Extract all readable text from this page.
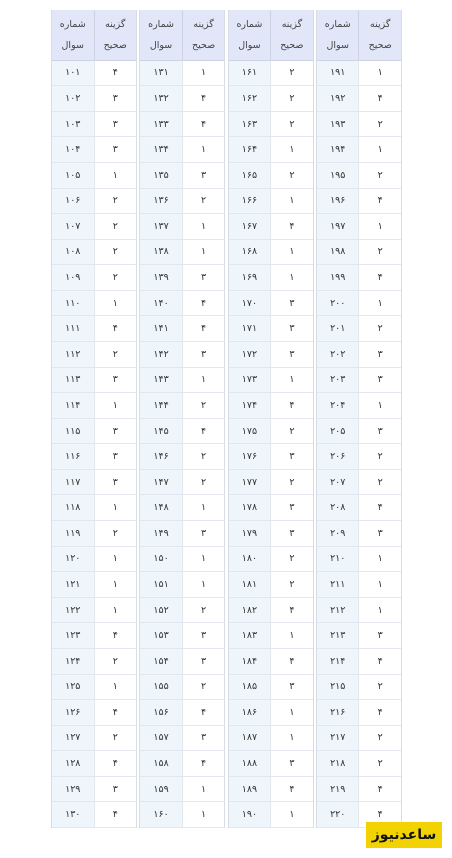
گزینه
صحیح
شماره
سوال
۱
۱۹۱
۴
۱۹۲
۲
۱۹۳
۱
۱۹۴
۲
۱۹۵
۴
۱۹۶
۱
۱۹۷
۲
۱۹۸
۴
۱۹۹
۱
۲۰۰
۲
۲۰۱
۳
۲۰۲
۳
۲۰۳
۱
۲۰۴
۳
۲۰۵
۲
۲۰۶
۲
۲۰۷
۴
۲۰۸
۳
۲۰۹
۱
۲۱۰
۱
۲۱۱
۱
۲۱۲
۳
۲۱۳
۴
۲۱۴
۲
۲۱۵
۴
۲۱۶
۲
۲۱۷
۲
۲۱۸
۴
۲۱۹
۴
۲۲۰
گزینه
صحیح
شماره
سوال
۲
۱۶۱
۲
۱۶۲
۲
۱۶۳
۱
۱۶۴
۲
۱۶۵
۱
۱۶۶
۴
۱۶۷
۱
۱۶۸
۱
۱۶۹
۳
۱۷۰
۳
۱۷۱
۳
۱۷۲
۱
۱۷۳
۴
۱۷۴
۲
۱۷۵
۳
۱۷۶
۲
۱۷۷
۳
۱۷۸
۳
۱۷۹
۲
۱۸۰
۲
۱۸۱
۴
۱۸۲
۱
۱۸۳
۴
۱۸۴
۳
۱۸۵
۱
۱۸۶
۱
۱۸۷
۳
۱۸۸
۴
۱۸۹
۱
۱۹۰
گزینه
صحیح
شماره
سوال
۱
۱۳۱
۴
۱۳۲
۴
۱۳۳
۱
۱۳۴
۳
۱۳۵
۲
۱۳۶
۱
۱۳۷
۱
۱۳۸
۳
۱۳۹
۴
۱۴۰
۴
۱۴۱
۳
۱۴۲
۱
۱۴۳
۲
۱۴۴
۴
۱۴۵
۲
۱۴۶
۲
۱۴۷
۱
۱۴۸
۳
۱۴۹
۱
۱۵۰
۱
۱۵۱
۲
۱۵۲
۳
۱۵۳
۳
۱۵۴
۲
۱۵۵
۴
۱۵۶
۳
۱۵۷
۴
۱۵۸
۱
۱۵۹
۱
۱۶۰
گزینه
صحیح
شماره
سوال
۴
۱۰۱
۳
۱۰۲
۳
۱۰۳
۳
۱۰۴
۱
۱۰۵
۲
۱۰۶
۲
۱۰۷
۲
۱۰۸
۲
۱۰۹
۱
۱۱۰
۴
۱۱۱
۲
۱۱۲
۳
۱۱۳
۱
۱۱۴
۳
۱۱۵
۳
۱۱۶
۳
۱۱۷
۱
۱۱۸
۲
۱۱۹
۱
۱۲۰
۱
۱۲۱
۱
۱۲۲
۴
۱۲۳
۲
۱۲۴
۱
۱۲۵
۴
۱۲۶
۲
۱۲۷
۴
۱۲۸
۳
۱۲۹
۴
۱۳۰
ساعدنیوز
